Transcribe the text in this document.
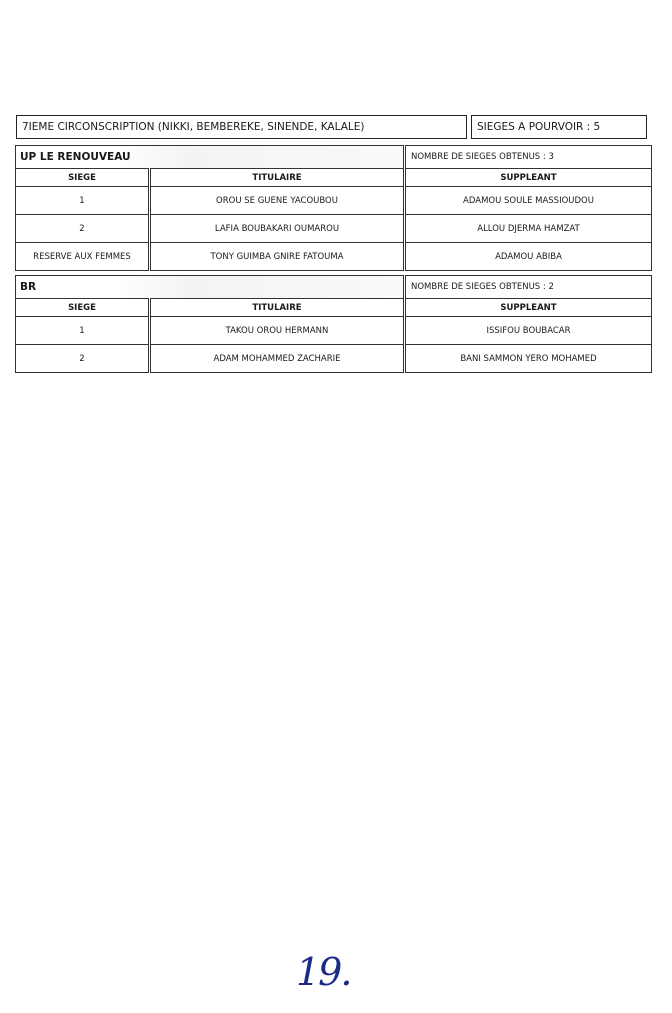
7IEME CIRCONSCRIPTION (NIKKI, BEMBEREKE, SINENDE, KALALE)	SIEGES A POURVOIR : 5
UP LE RENOUVEAU		NOMBRE DE SIEGES OBTENUS : 3
SIEGE	TITULAIRE	SUPPLEANT
1	OROU SE GUENE YACOUBOU	ADAMOU SOULE MASSIOUDOU
2	LAFIA BOUBAKARI OUMAROU	ALLOU DJERMA HAMZAT
RESERVE AUX FEMMES	TONY GUIMBA GNIRE FATOUMA	ADAMOU ABIBA
BR		NOMBRE DE SIEGES OBTENUS : 2
SIEGE	TITULAIRE	SUPPLEANT
1	TAKOU OROU HERMANN	ISSIFOU BOUBACAR
2	ADAM MOHAMMED ZACHARIE	BANI SAMMON YERO MOHAMED
19.
